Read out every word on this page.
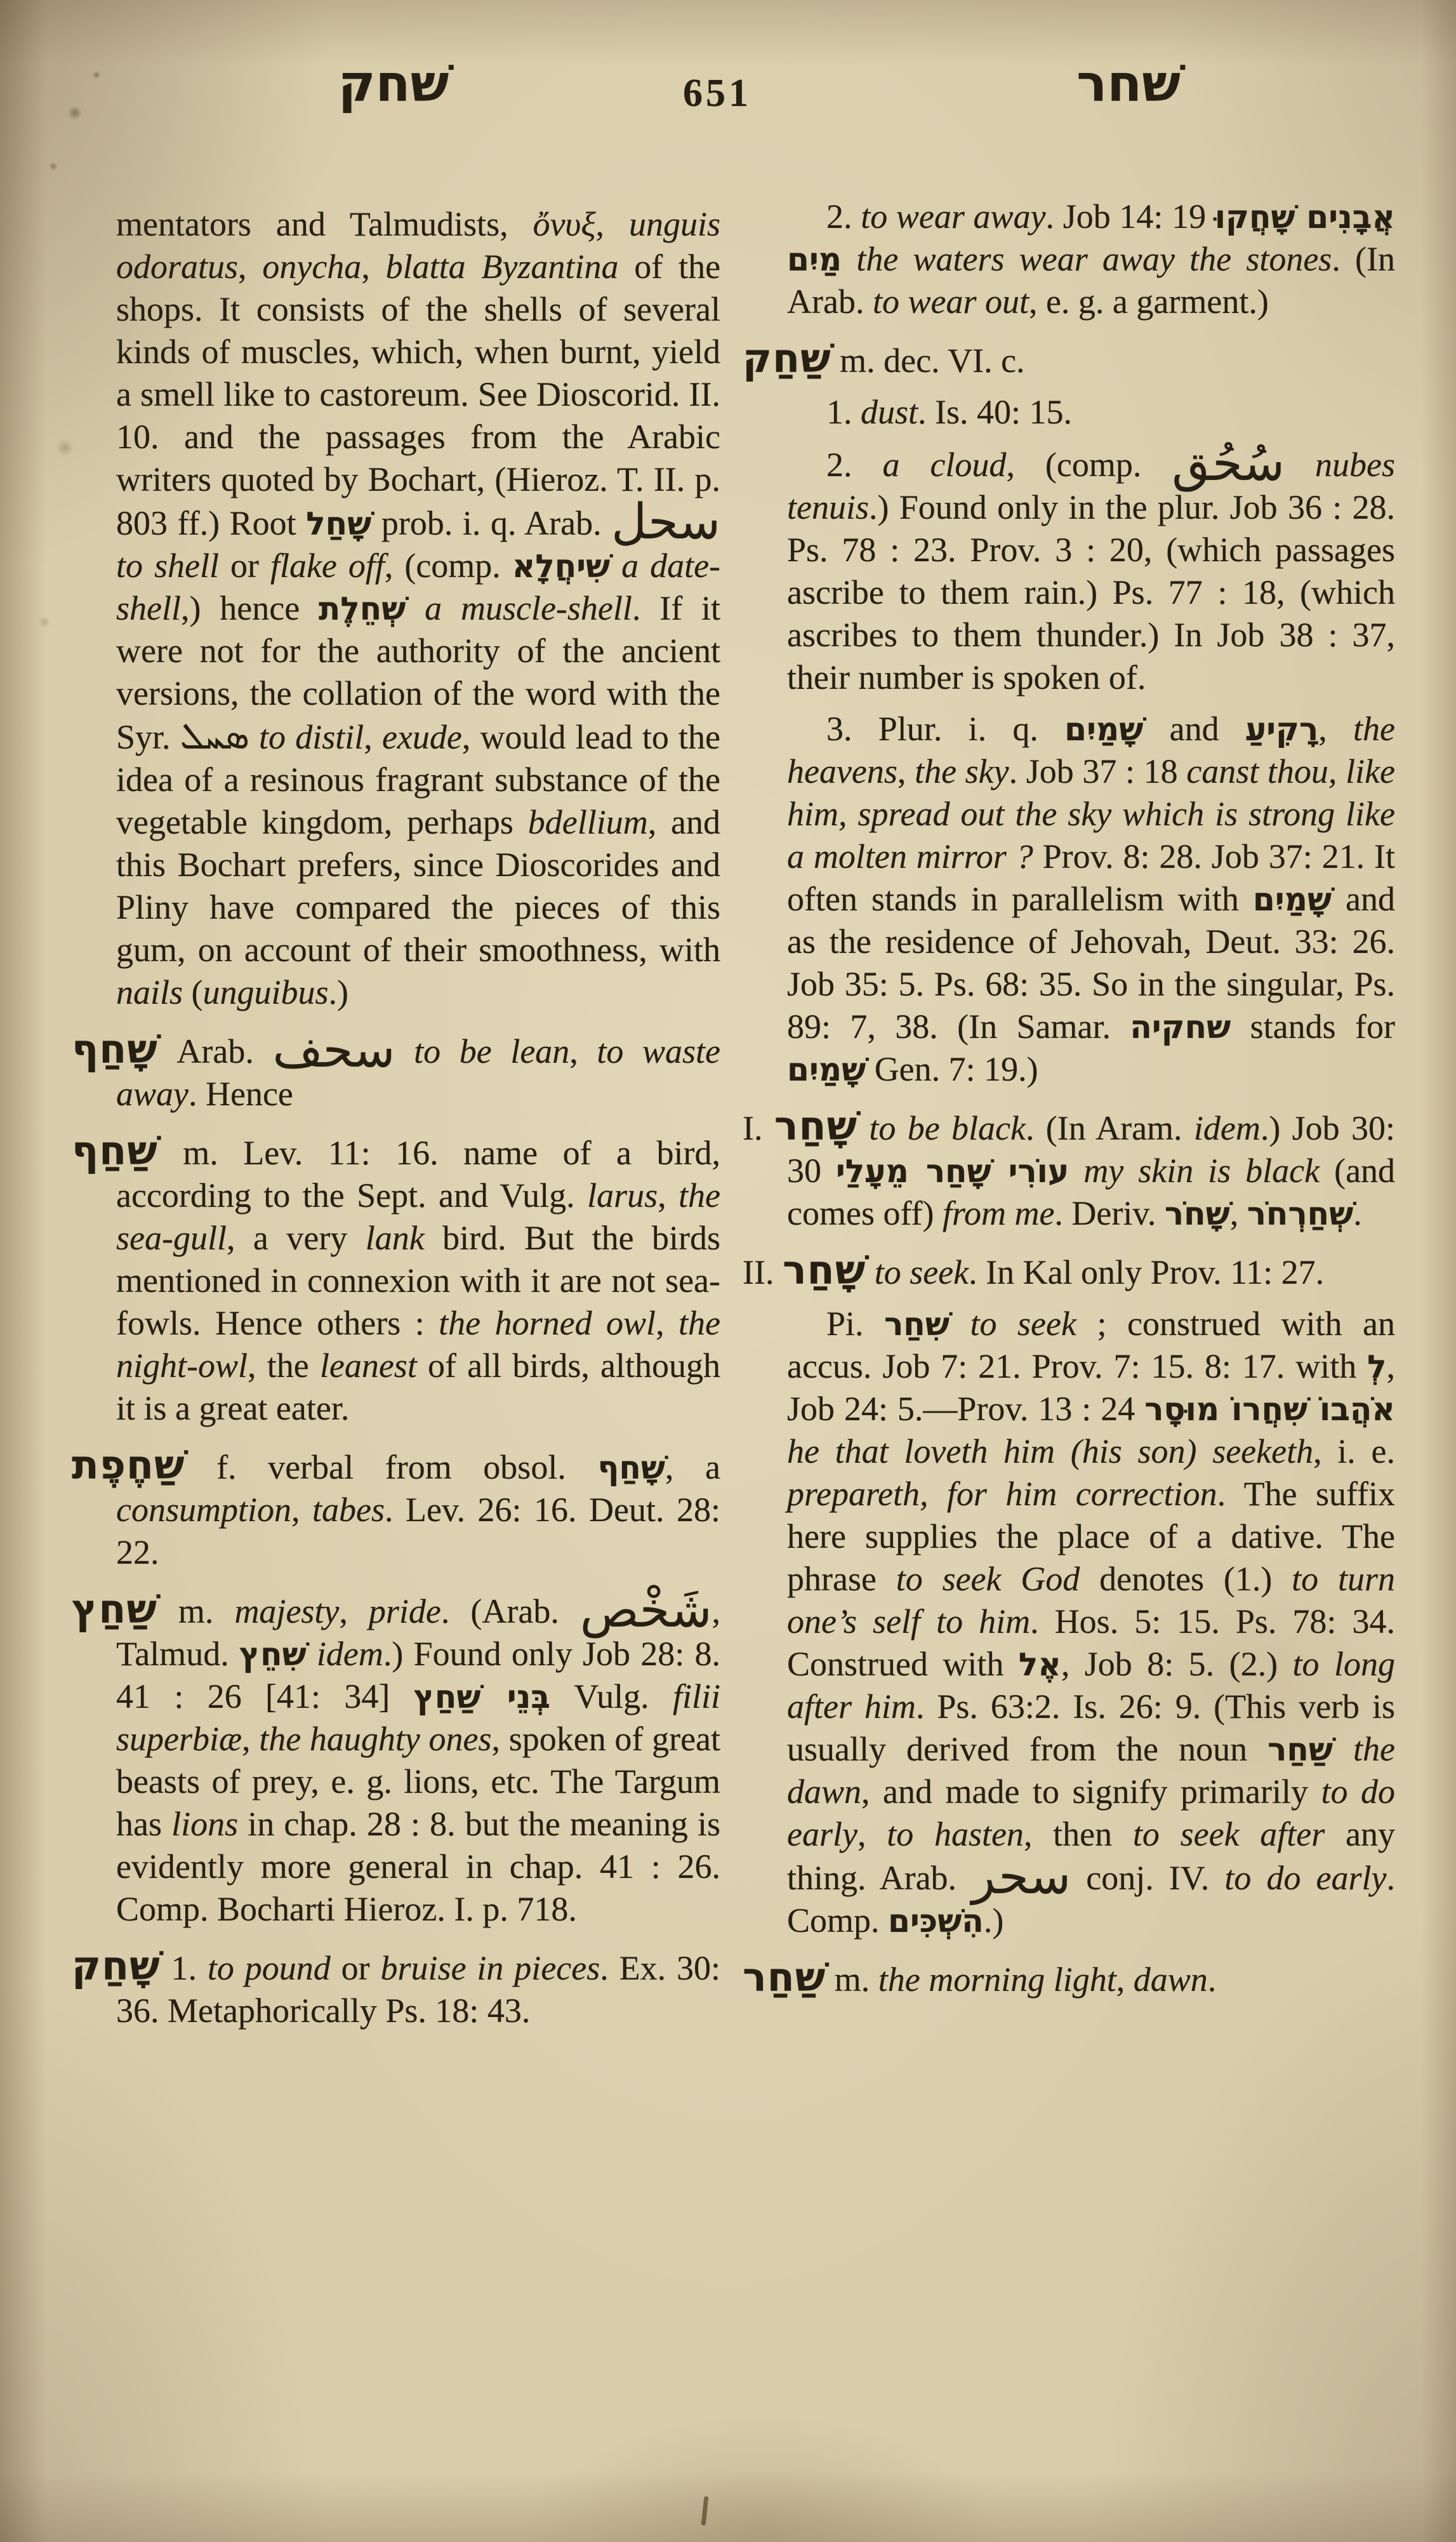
שׁחק	651	שׁחר

mentators and Talmudists, ὄνυξ, unguis odoratus, onycha, blatta Byzantina of the shops. It consists of the shells of several kinds of muscles, which, when burnt, yield a smell like to castoreum. See Dioscorid. II. 10. and the passages from the Arabic writers quoted by Bochart, (Hieroz. T. II. p. 803 ff.) Root שָׁחַל prob. i. q. Arab. سحل to shell or flake off, (comp. שִׁיחֲלָא a date-shell,) hence שְׁחֵלֶת a muscle-shell. If it were not for the authority of the ancient versions, the collation of the word with the Syr. ܣܚܠ to distil, exude, would lead to the idea of a resinous fragrant substance of the vegetable kingdom, perhaps bdellium, and this Bochart prefers, since Dioscorides and Pliny have compared the pieces of this gum, on account of their smoothness, with nails (unguibus.)

שָׁחַף Arab. سحف to be lean, to waste away. Hence

שַׁחַף m. Lev. 11: 16. name of a bird, according to the Sept. and Vulg. larus, the sea-gull, a very lank bird. But the birds mentioned in connexion with it are not sea-fowls. Hence others : the horned owl, the night-owl, the leanest of all birds, although it is a great eater.

שַׁחֶפֶת f. verbal from obsol. שָׁחַף, a consumption, tabes. Lev. 26: 16. Deut. 28: 22.

שַׁחַץ m. majesty, pride. (Arab. شَخْص, Talmud. שִׁחֵץ idem.) Found only Job 28: 8. 41 : 26 [41: 34] בְּנֵי שַׁחַץ Vulg. filii superbiæ, the haughty ones, spoken of great beasts of prey, e. g. lions, etc. The Targum has lions in chap. 28 : 8. but the meaning is evidently more general in chap. 41 : 26. Comp. Bocharti Hieroz. I. p. 718.

שָׁחַק 1. to pound or bruise in pieces. Ex. 30: 36. Metaphorically Ps. 18: 43.

2. to wear away. Job 14: 19 אֲבָנִים שָׁחֲקוּ מַיִם the waters wear away the stones. (In Arab. to wear out, e. g. a garment.)

שַׁחַק m. dec. VI. c.

1. dust. Is. 40: 15.

2. a cloud, (comp. سُحُق nubes tenuis.) Found only in the plur. Job 36 : 28. Ps. 78 : 23. Prov. 3 : 20, (which passages ascribe to them rain.) Ps. 77 : 18, (which ascribes to them thunder.) In Job 38 : 37, their number is spoken of.

3. Plur. i. q. שָׁמַיִם and רָקִיעַ, the heavens, the sky. Job 37 : 18 canst thou, like him, spread out the sky which is strong like a molten mirror ? Prov. 8: 28. Job 37: 21. It often stands in parallelism with שָׁמַיִם and as the residence of Jehovah, Deut. 33: 26. Job 35: 5. Ps. 68: 35. So in the singular, Ps. 89: 7, 38. (In Samar. שחקיה stands for שָׁמַיִם Gen. 7: 19.)

I. שָׁחַר to be black. (In Aram. idem.) Job 30: 30 עוֹרִי שָׁחַר מֵעָלַי my skin is black (and comes off) from me. Deriv. שָׁחֹר, שְׁחַרְחֹר.

II. שָׁחַר to seek. In Kal only Prov. 11: 27.

Pi. שִׁחַר to seek ; construed with an accus. Job 7: 21. Prov. 7: 15. 8: 17. with לְ, Job 24: 5.—Prov. 13 : 24 אֹהֲבוֹ שִׁחֲרוֹ מוּסָר he that loveth him (his son) seeketh, i. e. prepareth, for him correction. The suffix here supplies the place of a dative. The phrase to seek God denotes (1.) to turn one’s self to him. Hos. 5: 15. Ps. 78: 34. Construed with אֶל, Job 8: 5. (2.) to long after him. Ps. 63:2. Is. 26: 9. (This verb is usually derived from the noun שַׁחַר the dawn, and made to signify primarily to do early, to hasten, then to seek after any thing. Arab. سحر conj. IV. to do early. Comp. הִשְׁכִּים.)

שַׁחַר m. the morning light, dawn.
